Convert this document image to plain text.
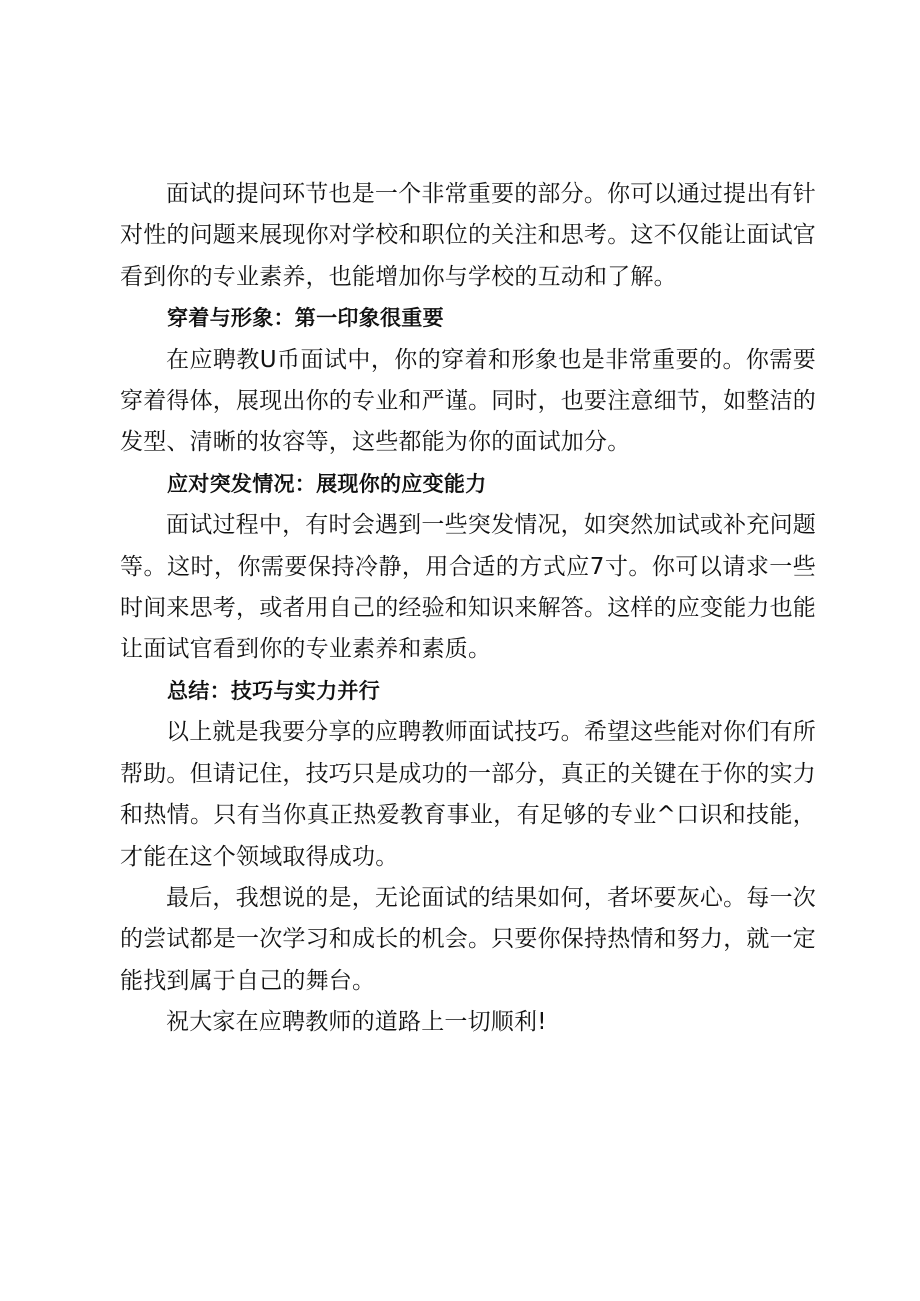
面试的提问环节也是一个非常重要的部分。你可以通过提出有针对性的问题来展现你对学校和职位的关注和思考。这不仅能让面试官看到你的专业素养，也能增加你与学校的互动和了解。

穿着与形象：第一印象很重要

在应聘教U币面试中，你的穿着和形象也是非常重要的。你需要穿着得体，展现出你的专业和严谨。同时，也要注意细节，如整洁的发型、清晰的妆容等，这些都能为你的面试加分。

应对突发情况：展现你的应变能力

面试过程中，有时会遇到一些突发情况，如突然加试或补充问题等。这时，你需要保持冷静，用合适的方式应7寸。你可以请求一些时间来思考，或者用自己的经验和知识来解答。这样的应变能力也能让面试官看到你的专业素养和素质。

总结：技巧与实力并行

以上就是我要分享的应聘教师面试技巧。希望这些能对你们有所帮助。但请记住，技巧只是成功的一部分，真正的关键在于你的实力和热情。只有当你真正热爱教育事业，有足够的专业^口识和技能，才能在这个领域取得成功。

最后，我想说的是，无论面试的结果如何，者坏要灰心。每一次的尝试都是一次学习和成长的机会。只要你保持热情和努力，就一定能找到属于自己的舞台。

祝大家在应聘教师的道路上一切顺利!
